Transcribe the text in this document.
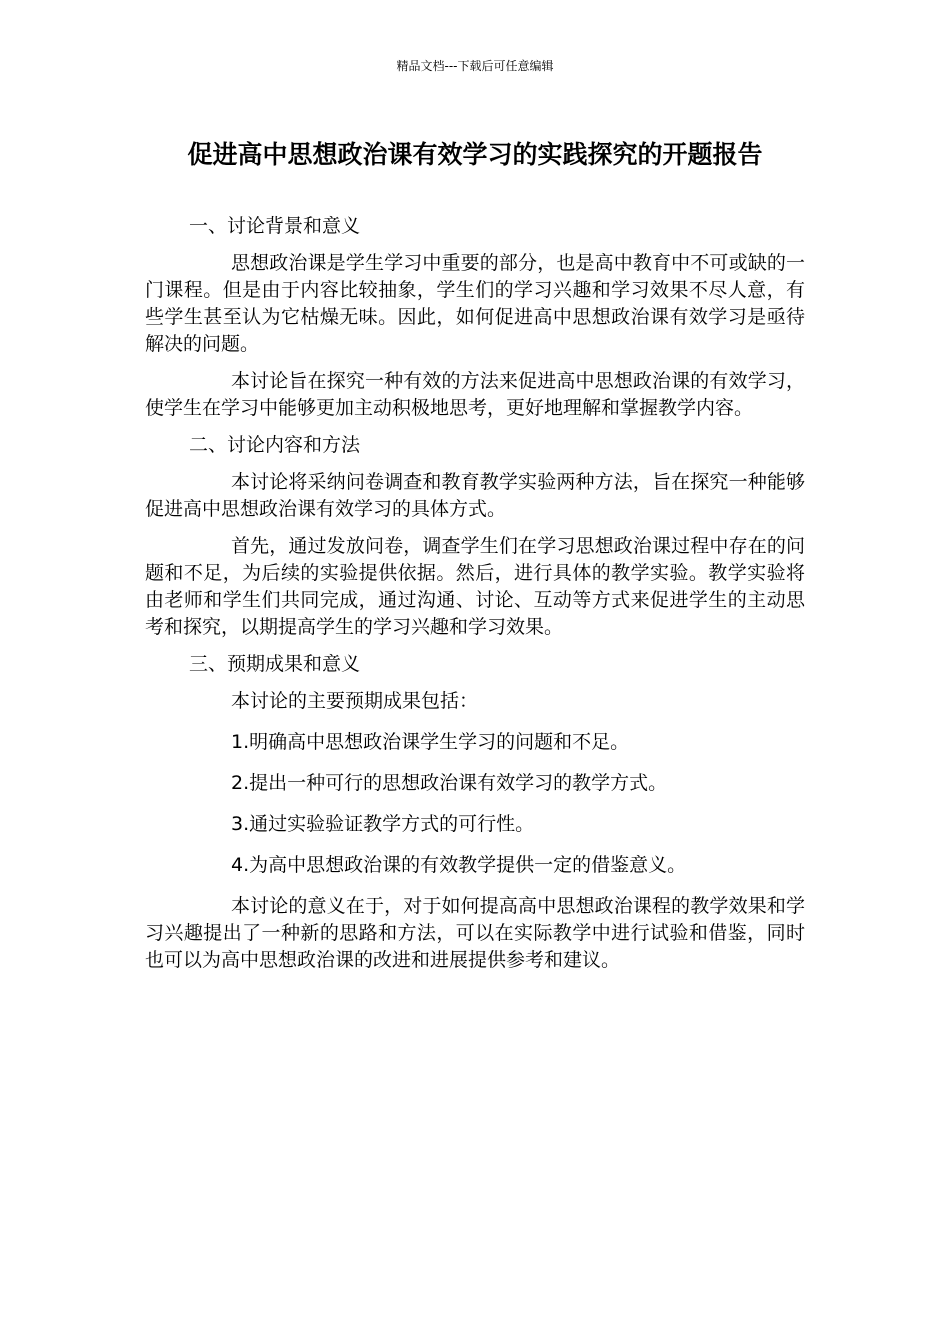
精品文档---下载后可任意编辑
促进高中思想政治课有效学习的实践探究的开题报告
一、讨论背景和意义
思想政治课是学生学习中重要的部分，也是高中教育中不可或缺的一门课程。但是由于内容比较抽象，学生们的学习兴趣和学习效果不尽人意，有些学生甚至认为它枯燥无味。因此，如何促进高中思想政治课有效学习是亟待解决的问题。
本讨论旨在探究一种有效的方法来促进高中思想政治课的有效学习，使学生在学习中能够更加主动积极地思考，更好地理解和掌握教学内容。
二、讨论内容和方法
本讨论将采纳问卷调查和教育教学实验两种方法，旨在探究一种能够促进高中思想政治课有效学习的具体方式。
首先，通过发放问卷，调查学生们在学习思想政治课过程中存在的问题和不足，为后续的实验提供依据。然后，进行具体的教学实验。教学实验将由老师和学生们共同完成，通过沟通、讨论、互动等方式来促进学生的主动思考和探究，以期提高学生的学习兴趣和学习效果。
三、预期成果和意义
本讨论的主要预期成果包括：
1.明确高中思想政治课学生学习的问题和不足。
2.提出一种可行的思想政治课有效学习的教学方式。
3.通过实验验证教学方式的可行性。
4.为高中思想政治课的有效教学提供一定的借鉴意义。
本讨论的意义在于，对于如何提高高中思想政治课程的教学效果和学习兴趣提出了一种新的思路和方法，可以在实际教学中进行试验和借鉴，同时也可以为高中思想政治课的改进和进展提供参考和建议。
